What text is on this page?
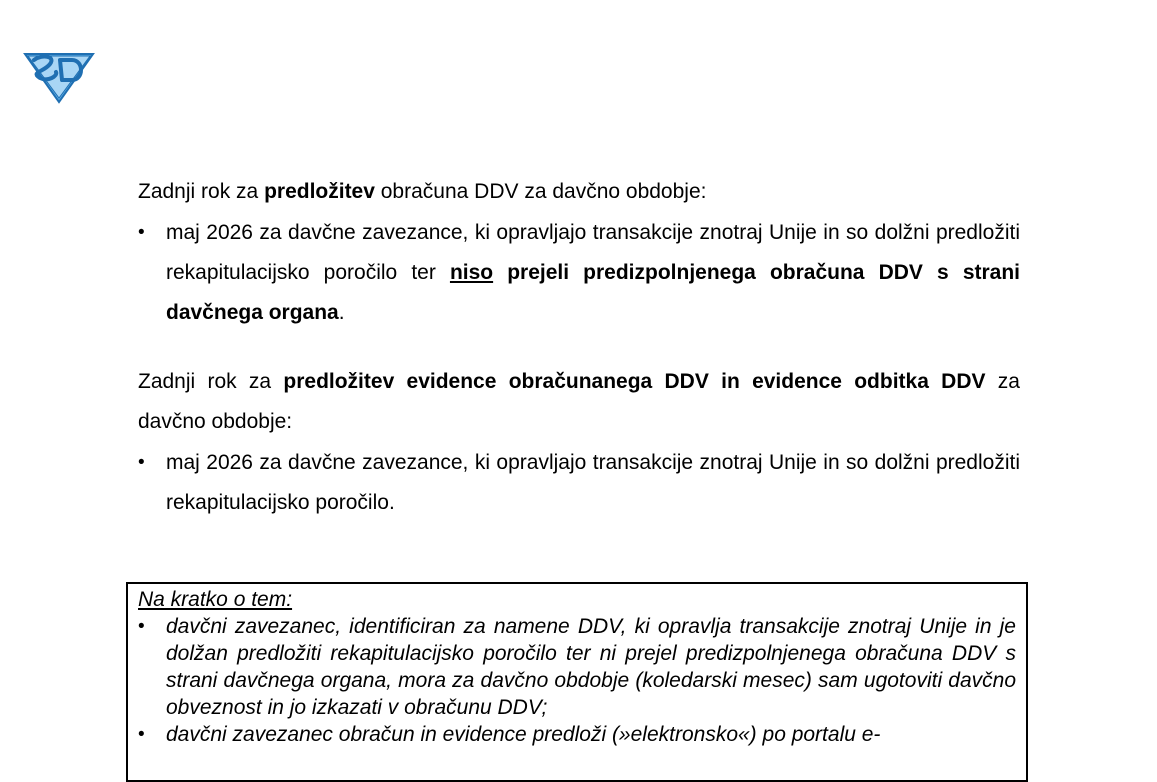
Zadnji rok za predložitev obračuna DDV za davčno obdobje:

• maj 2026 za davčne zavezance, ki opravljajo transakcije znotraj Unije in so dolžni predložiti rekapitulacijsko poročilo ter niso prejeli predizpolnjenega obračuna DDV s strani davčnega organa.

Zadnji rok za predložitev evidence obračunanega DDV in evidence odbitka DDV za davčno obdobje:

• maj 2026 za davčne zavezance, ki opravljajo transakcije znotraj Unije in so dolžni predložiti rekapitulacijsko poročilo.

Na kratko o tem:

• davčni zavezanec, identificiran za namene DDV, ki opravlja transakcije znotraj Unije in je dolžan predložiti rekapitulacijsko poročilo ter ni prejel predizpolnjenega obračuna DDV s strani davčnega organa, mora za davčno obdobje (koledarski mesec) sam ugotoviti davčno obveznost in jo izkazati v obračunu DDV;
• davčni zavezanec obračun in evidence predloži (»elektronsko«) po portalu e-
